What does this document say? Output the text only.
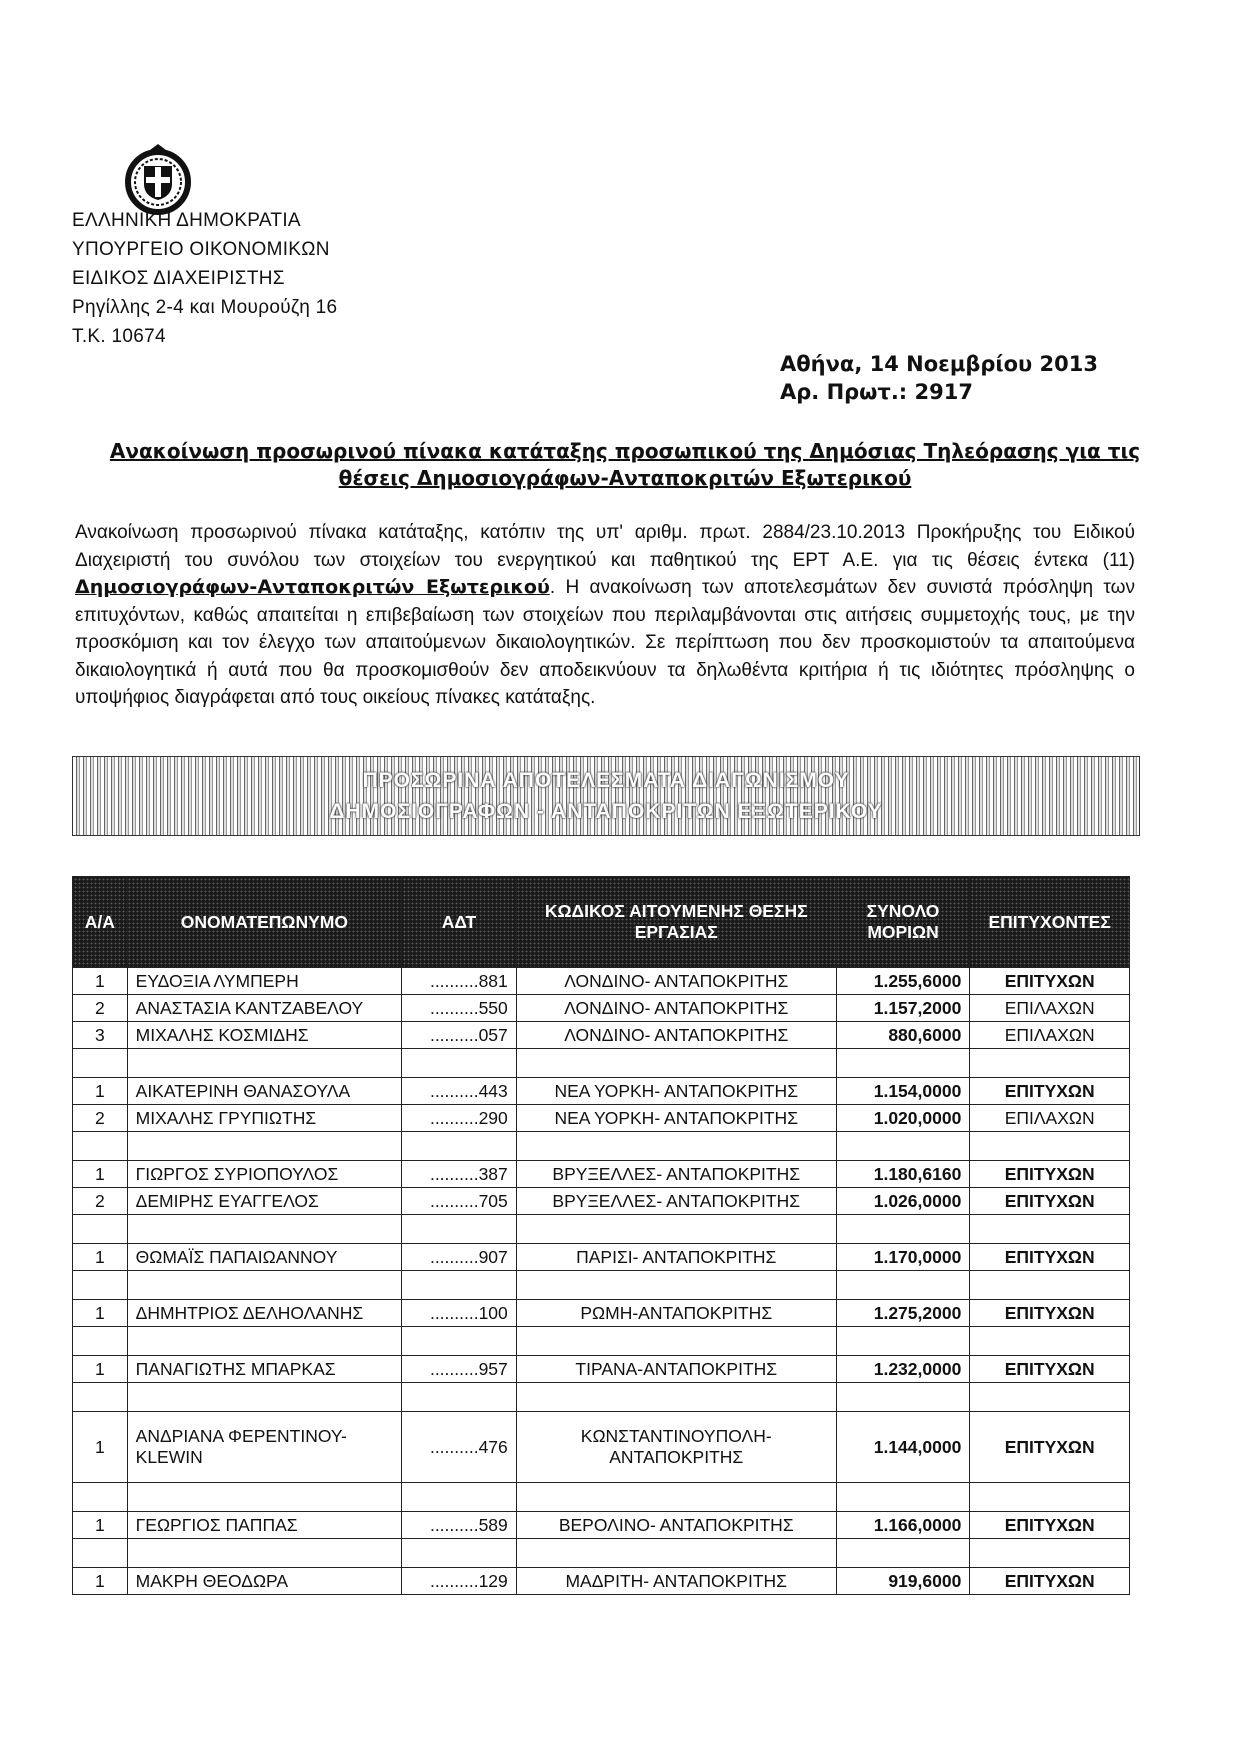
ΕΛΛΗΝΙΚΗ ΔΗΜΟΚΡΑΤΙΑ
ΥΠΟΥΡΓΕΙΟ ΟΙΚΟΝΟΜΙΚΩΝ
ΕΙΔΙΚΟΣ ΔΙΑΧΕΙΡΙΣΤΗΣ
Ρηγίλλης 2-4 και Μουρούζη 16
Τ.Κ. 10674
Αθήνα, 14 Νοεμβρίου 2013
Αρ. Πρωτ.: 2917
Ανακοίνωση προσωρινού πίνακα κατάταξης προσωπικού της Δημόσιας Τηλεόρασης για τις
θέσεις Δημοσιογράφων-Ανταποκριτών Εξωτερικού

Ανακοίνωση προσωρινού πίνακα κατάταξης, κατόπιν της υπ' αριθμ. πρωτ. 2884/23.10.2013 Προκήρυξης του Ειδικού Διαχειριστή του συνόλου των στοιχείων του ενεργητικού και παθητικού της ΕΡΤ Α.Ε. για τις θέσεις έντεκα (11) Δημοσιογράφων-Ανταποκριτών Εξωτερικού. Η ανακοίνωση των αποτελεσμάτων δεν συνιστά πρόσληψη των επιτυχόντων, καθώς απαιτείται η επιβεβαίωση των στοιχείων που περιλαμβάνονται στις αιτήσεις συμμετοχής τους, με την προσκόμιση και τον έλεγχο των απαιτούμενων δικαιολογητικών. Σε περίπτωση που δεν προσκομιστούν τα απαιτούμενα δικαιολογητικά ή αυτά που θα προσκομισθούν δεν αποδεικνύουν τα δηλωθέντα κριτήρια ή τις ιδιότητες πρόσληψης ο υποψήφιος διαγράφεται από τους οικείους πίνακες κατάταξης.

ΠΡΟΣΩΡΙΝΑ ΑΠΟΤΕΛΕΣΜΑΤΑ ΔΙΑΓΩΝΙΣΜΟΥ
ΔΗΜΟΣΙΟΓΡΑΦΩΝ - ΑΝΤΑΠΟΚΡΙΤΩΝ ΕΞΩΤΕΡΙΚΟΥ
Α/Α	ΟΝΟΜΑΤΕΠΩΝΥΜΟ	ΑΔΤ	ΚΩΔΙΚΟΣ ΑΙΤΟΥΜΕΝΗΣ ΘΕΣΗΣ ΕΡΓΑΣΙΑΣ	ΣΥΝΟΛΟ ΜΟΡΙΩΝ	ΕΠΙΤΥΧΟΝΤΕΣ
1	ΕΥΔΟΞΙΑ ΛΥΜΠΕΡΗ	..........881	ΛΟΝΔΙΝΟ- ΑΝΤΑΠΟΚΡΙΤΗΣ	1.255,6000	ΕΠΙΤΥΧΩΝ
2	ΑΝΑΣΤΑΣΙΑ ΚΑΝΤΖΑΒΕΛΟΥ	..........550	ΛΟΝΔΙΝΟ- ΑΝΤΑΠΟΚΡΙΤΗΣ	1.157,2000	ΕΠΙΛΑΧΩΝ
3	ΜΙΧΑΛΗΣ ΚΟΣΜΙΔΗΣ	..........057	ΛΟΝΔΙΝΟ- ΑΝΤΑΠΟΚΡΙΤΗΣ	880,6000	ΕΠΙΛΑΧΩΝ

1	ΑΙΚΑΤΕΡΙΝΗ ΘΑΝΑΣΟΥΛΑ	..........443	ΝΕΑ ΥΟΡΚΗ- ΑΝΤΑΠΟΚΡΙΤΗΣ	1.154,0000	ΕΠΙΤΥΧΩΝ
2	ΜΙΧΑΛΗΣ ΓΡΥΠΙΩΤΗΣ	..........290	ΝΕΑ ΥΟΡΚΗ- ΑΝΤΑΠΟΚΡΙΤΗΣ	1.020,0000	ΕΠΙΛΑΧΩΝ

1	ΓΙΩΡΓΟΣ ΣΥΡΙΟΠΟΥΛΟΣ	..........387	ΒΡΥΞΕΛΛΕΣ- ΑΝΤΑΠΟΚΡΙΤΗΣ	1.180,6160	ΕΠΙΤΥΧΩΝ
2	ΔΕΜΙΡΗΣ ΕΥΑΓΓΕΛΟΣ	..........705	ΒΡΥΞΕΛΛΕΣ- ΑΝΤΑΠΟΚΡΙΤΗΣ	1.026,0000	ΕΠΙΤΥΧΩΝ

1	ΘΩΜΑΪΣ ΠΑΠΑΙΩΑΝΝΟΥ	..........907	ΠΑΡΙΣΙ- ΑΝΤΑΠΟΚΡΙΤΗΣ	1.170,0000	ΕΠΙΤΥΧΩΝ

1	ΔΗΜΗΤΡΙΟΣ ΔΕΛΗΟΛΑΝΗΣ	..........100	ΡΩΜΗ-ΑΝΤΑΠΟΚΡΙΤΗΣ	1.275,2000	ΕΠΙΤΥΧΩΝ

1	ΠΑΝΑΓΙΩΤΗΣ ΜΠΑΡΚΑΣ	..........957	ΤΙΡΑΝΑ-ΑΝΤΑΠΟΚΡΙΤΗΣ	1.232,0000	ΕΠΙΤΥΧΩΝ

1	ΑΝΔΡΙΑΝΑ ΦΕΡΕΝΤΙΝΟΥ- KLEWIN	..........476	ΚΩΝΣΤΑΝΤΙΝΟΥΠΟΛΗ- ΑΝΤΑΠΟΚΡΙΤΗΣ	1.144,0000	ΕΠΙΤΥΧΩΝ

1	ΓΕΩΡΓΙΟΣ ΠΑΠΠΑΣ	..........589	ΒΕΡΟΛΙΝΟ- ΑΝΤΑΠΟΚΡΙΤΗΣ	1.166,0000	ΕΠΙΤΥΧΩΝ

1	ΜΑΚΡΗ ΘΕΟΔΩΡΑ	..........129	ΜΑΔΡΙΤΗ- ΑΝΤΑΠΟΚΡΙΤΗΣ	919,6000	ΕΠΙΤΥΧΩΝ
